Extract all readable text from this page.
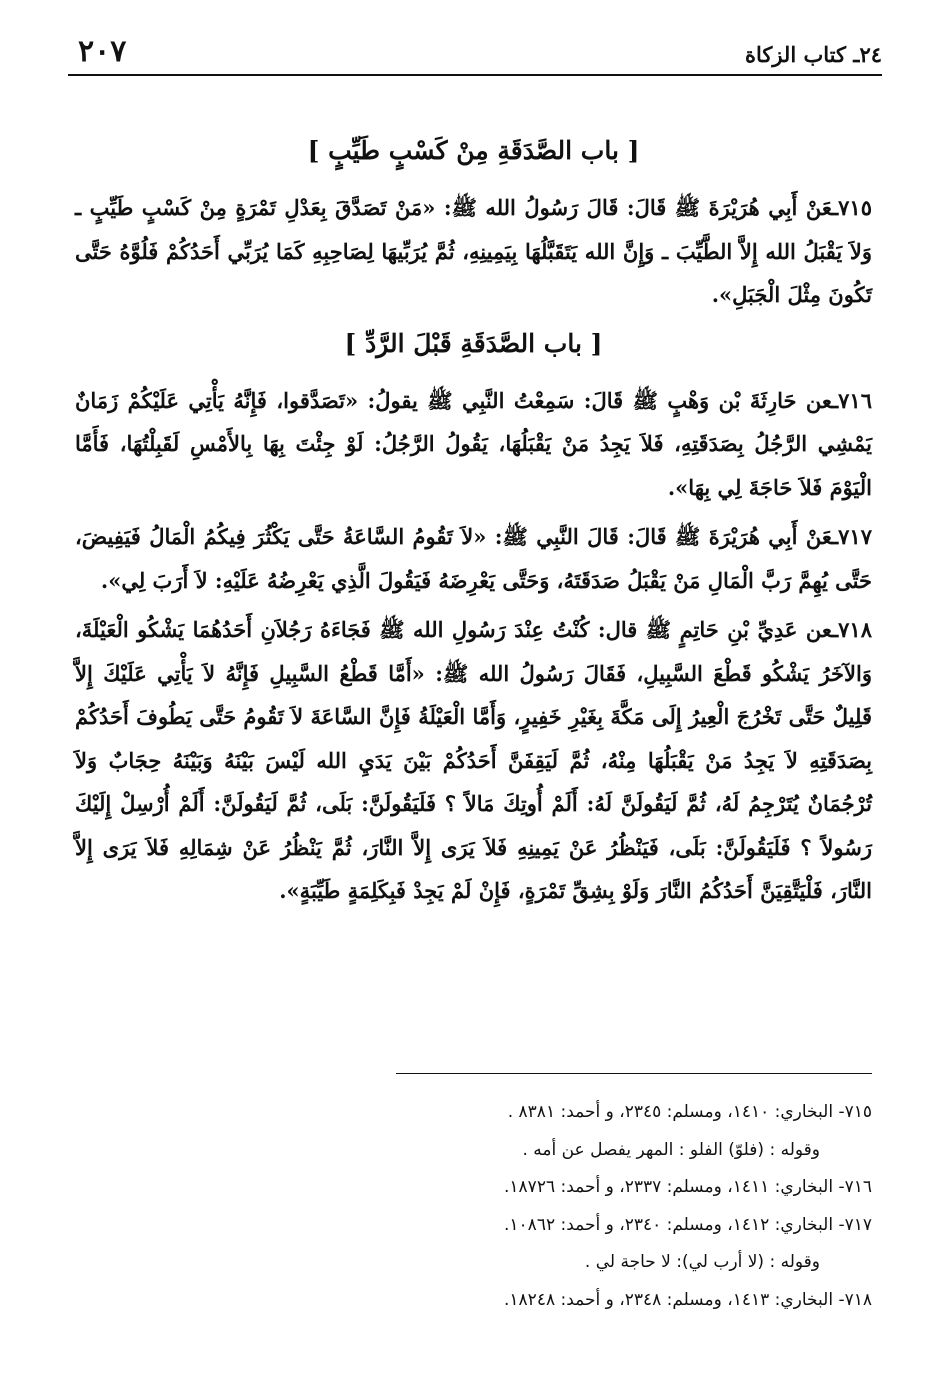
٢٤ـ كتاب الزكاة
٢٠٧
[ باب الصَّدَقَةِ مِنْ كَسْبٍ طَيِّبٍ ]

٧١٥ـعَنْ أَبِي هُرَيْرَةَ ﷺ قَالَ: قَالَ رَسُولُ الله ﷺ: «مَنْ تَصَدَّقَ بِعَدْلِ تَمْرَةٍ مِنْ كَسْبٍ طَيِّبٍ ـ وَلاَ يَقْبَلُ الله إِلاَّ الطَّيِّبَ ـ وَإِنَّ الله يَتَقَبَّلُهَا بِيَمِينِهِ، ثُمَّ يُرَبِّيهَا لِصَاحِبِهِ كَمَا يُرَبِّي أَحَدُكُمْ فَلُوَّهُ حَتَّى تَكُونَ مِثْلَ الْجَبَلِ».

[ باب الصَّدَقَةِ قَبْلَ الرَّدِّ ]

٧١٦ـعن حَارِثَةَ بْن وَهْبٍ ﷺ قَالَ: سَمِعْتُ النَّبِي ﷺ يقولُ: «تَصَدَّقوا، فَإِنَّهُ يَأْتِي عَلَيْكُمْ زَمَانٌ يَمْشِي الرَّجُلُ بِصَدَقَتِهِ، فَلاَ يَجِدُ مَنْ يَقْبَلُهَا، يَقُولُ الرَّجُلُ: لَوْ جِئْتَ بِهَا بِالأَمْسِ لَقَبِلْتُهَا، فَأَمَّا الْيَوْمَ فَلاَ حَاجَةَ لِي بِهَا».

٧١٧ـعَنْ أَبِي هُرَيْرَةَ ﷺ قَالَ: قَالَ النَّبِي ﷺ: «لاَ تَقُومُ السَّاعَةُ حَتَّى يَكْثُرَ فِيكُمُ الْمَالُ فَيَفِيضَ، حَتَّى يُهِمَّ رَبَّ الْمَالِ مَنْ يَقْبَلُ صَدَقَتَهُ، وَحَتَّى يَعْرِضَهُ فَيَقُولَ الَّذِي يَعْرِضُهُ عَلَيْهِ: لاَ أَرَبَ لِي».

٧١٨ـعن عَدِيِّ بْنِ حَاتِمٍ ﷺ قال: كُنْتُ عِنْدَ رَسُولِ الله ﷺ فَجَاءَهُ رَجُلاَنِ أَحَدُهُمَا يَشْكُو الْعَيْلَةَ، وَالآخَرُ يَشْكُو قَطْعَ السَّبِيلِ، فَقَالَ رَسُولُ الله ﷺ: «أَمَّا قَطْعُ السَّبِيلِ فَإِنَّهُ لاَ يَأْتِي عَلَيْكَ إِلاَّ قَلِيلٌ حَتَّى تَخْرُجَ الْعِيرُ إِلَى مَكَّةَ بِغَيْرِ خَفِيرٍ، وَأَمَّا الْعَيْلَةُ فَإِنَّ السَّاعَةَ لاَ تَقُومُ حَتَّى يَطُوفَ أَحَدُكُمْ بِصَدَقَتِهِ لاَ يَجِدُ مَنْ يَقْبَلُهَا مِنْهُ، ثُمَّ لَيَقِفَنَّ أَحَدُكُمْ بَيْنَ يَدَيِ الله لَيْسَ بَيْنَهُ وَبَيْنَهُ حِجَابٌ وَلاَ تُرْجُمَانٌ يُتَرْجِمُ لَهُ، ثُمَّ لَيَقُولَنَّ لَهُ: أَلَمْ أُوتِكَ مَالاً ؟ فَلَيَقُولَنَّ: بَلَى، ثُمَّ لَيَقُولَنَّ: أَلَمْ أُرْسِلْ إِلَيْكَ رَسُولاً ؟ فَلَيَقُولَنَّ: بَلَى، فَيَنْظُرُ عَنْ يَمِينِهِ فَلاَ يَرَى إِلاَّ النَّارَ، ثُمَّ يَنْظُرُ عَنْ شِمَالِهِ فَلاَ يَرَى إِلاَّ النَّارَ، فَلْيَتَّقِيَنَّ أَحَدُكُمُ النَّارَ وَلَوْ بِشِقِّ تَمْرَةٍ، فَإِنْ لَمْ يَجِدْ فَبِكَلِمَةٍ طَيِّبَةٍ».

٧١٥- البخاري: ١٤١٠، ومسلم: ٢٣٤٥، و أحمد: ٨٣٨١ .
وقوله : (فلوّ) الفلو : المهر يفصل عن أمه .
٧١٦- البخاري: ١٤١١، ومسلم: ٢٣٣٧، و أحمد: ١٨٧٢٦.
٧١٧- البخاري: ١٤١٢، ومسلم: ٢٣٤٠، و أحمد: ١٠٨٦٢.
وقوله : (لا أرب لي): لا حاجة لي .
٧١٨- البخاري: ١٤١٣، ومسلم: ٢٣٤٨، و أحمد: ١٨٢٤٨.
